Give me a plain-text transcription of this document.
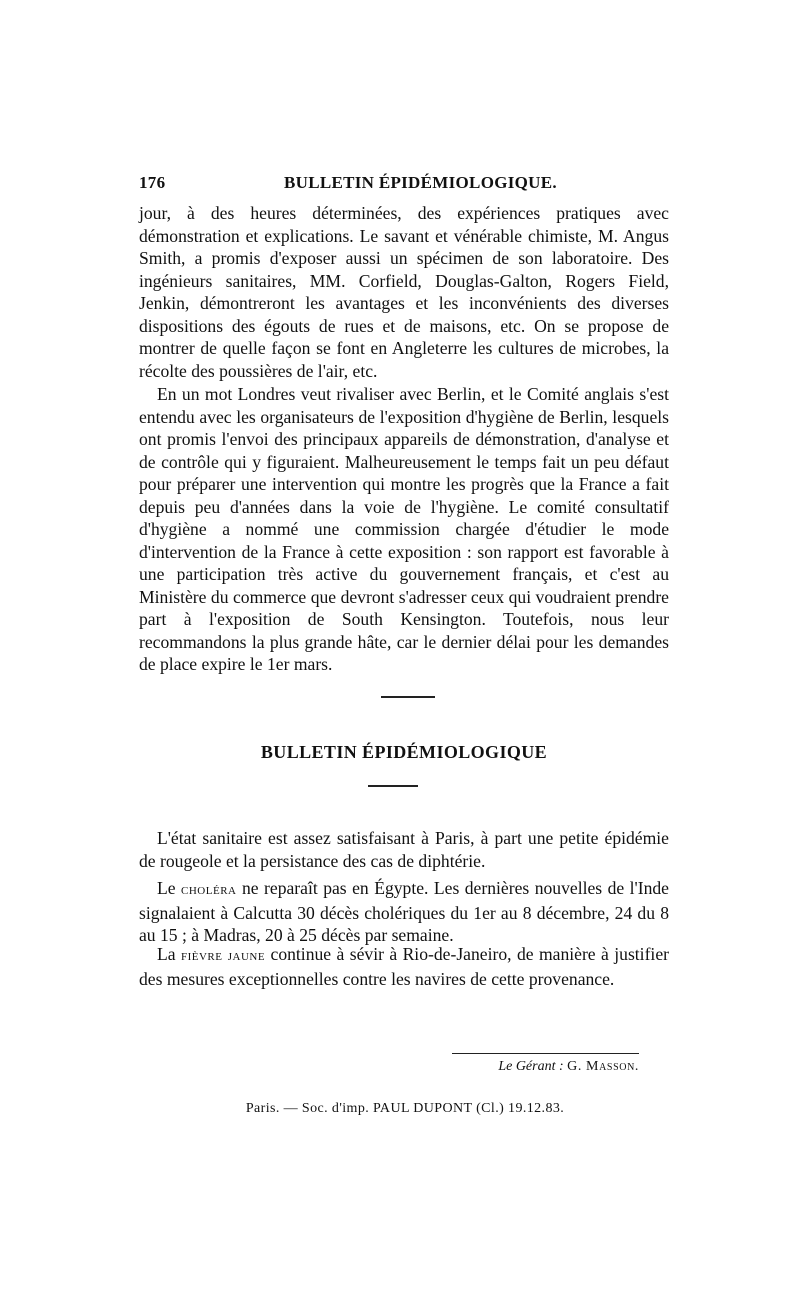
176	BULLETIN ÉPIDÉMIOLOGIQUE.

jour, à des heures déterminées, des expériences pratiques avec démonstration et explications. Le savant et vénérable chimiste, M. Angus Smith, a promis d'exposer aussi un spécimen de son laboratoire. Des ingénieurs sanitaires, MM. Corfield, Douglas-Galton, Rogers Field, Jenkin, démontreront les avantages et les inconvénients des diverses dispositions des égouts de rues et de maisons, etc. On se propose de montrer de quelle façon se font en Angleterre les cultures de microbes, la récolte des poussières de l'air, etc.

En un mot Londres veut rivaliser avec Berlin, et le Comité anglais s'est entendu avec les organisateurs de l'exposition d'hygiène de Berlin, lesquels ont promis l'envoi des principaux appareils de démonstration, d'analyse et de contrôle qui y figuraient. Malheureusement le temps fait un peu défaut pour préparer une intervention qui montre les progrès que la France a fait depuis peu d'années dans la voie de l'hygiène. Le comité consultatif d'hygiène a nommé une commission chargée d'étudier le mode d'intervention de la France à cette exposition : son rapport est favorable à une participation très active du gouvernement français, et c'est au Ministère du commerce que devront s'adresser ceux qui voudraient prendre part à l'exposition de South Kensington. Toutefois, nous leur recommandons la plus grande hâte, car le dernier délai pour les demandes de place expire le 1er mars.

BULLETIN ÉPIDÉMIOLOGIQUE

L'état sanitaire est assez satisfaisant à Paris, à part une petite épidémie de rougeole et la persistance des cas de diphtérie.

Le choléra ne reparaît pas en Égypte. Les dernières nouvelles de l'Inde signalaient à Calcutta 30 décès cholériques du 1er au 8 décembre, 24 du 8 au 15 ; à Madras, 20 à 25 décès par semaine.

La fièvre jaune continue à sévir à Rio-de-Janeiro, de manière à justifier des mesures exceptionnelles contre les navires de cette provenance.

Le Gérant : G. Masson.
Paris. — Soc. d'imp. PAUL DUPONT (Cl.) 19.12.83.
